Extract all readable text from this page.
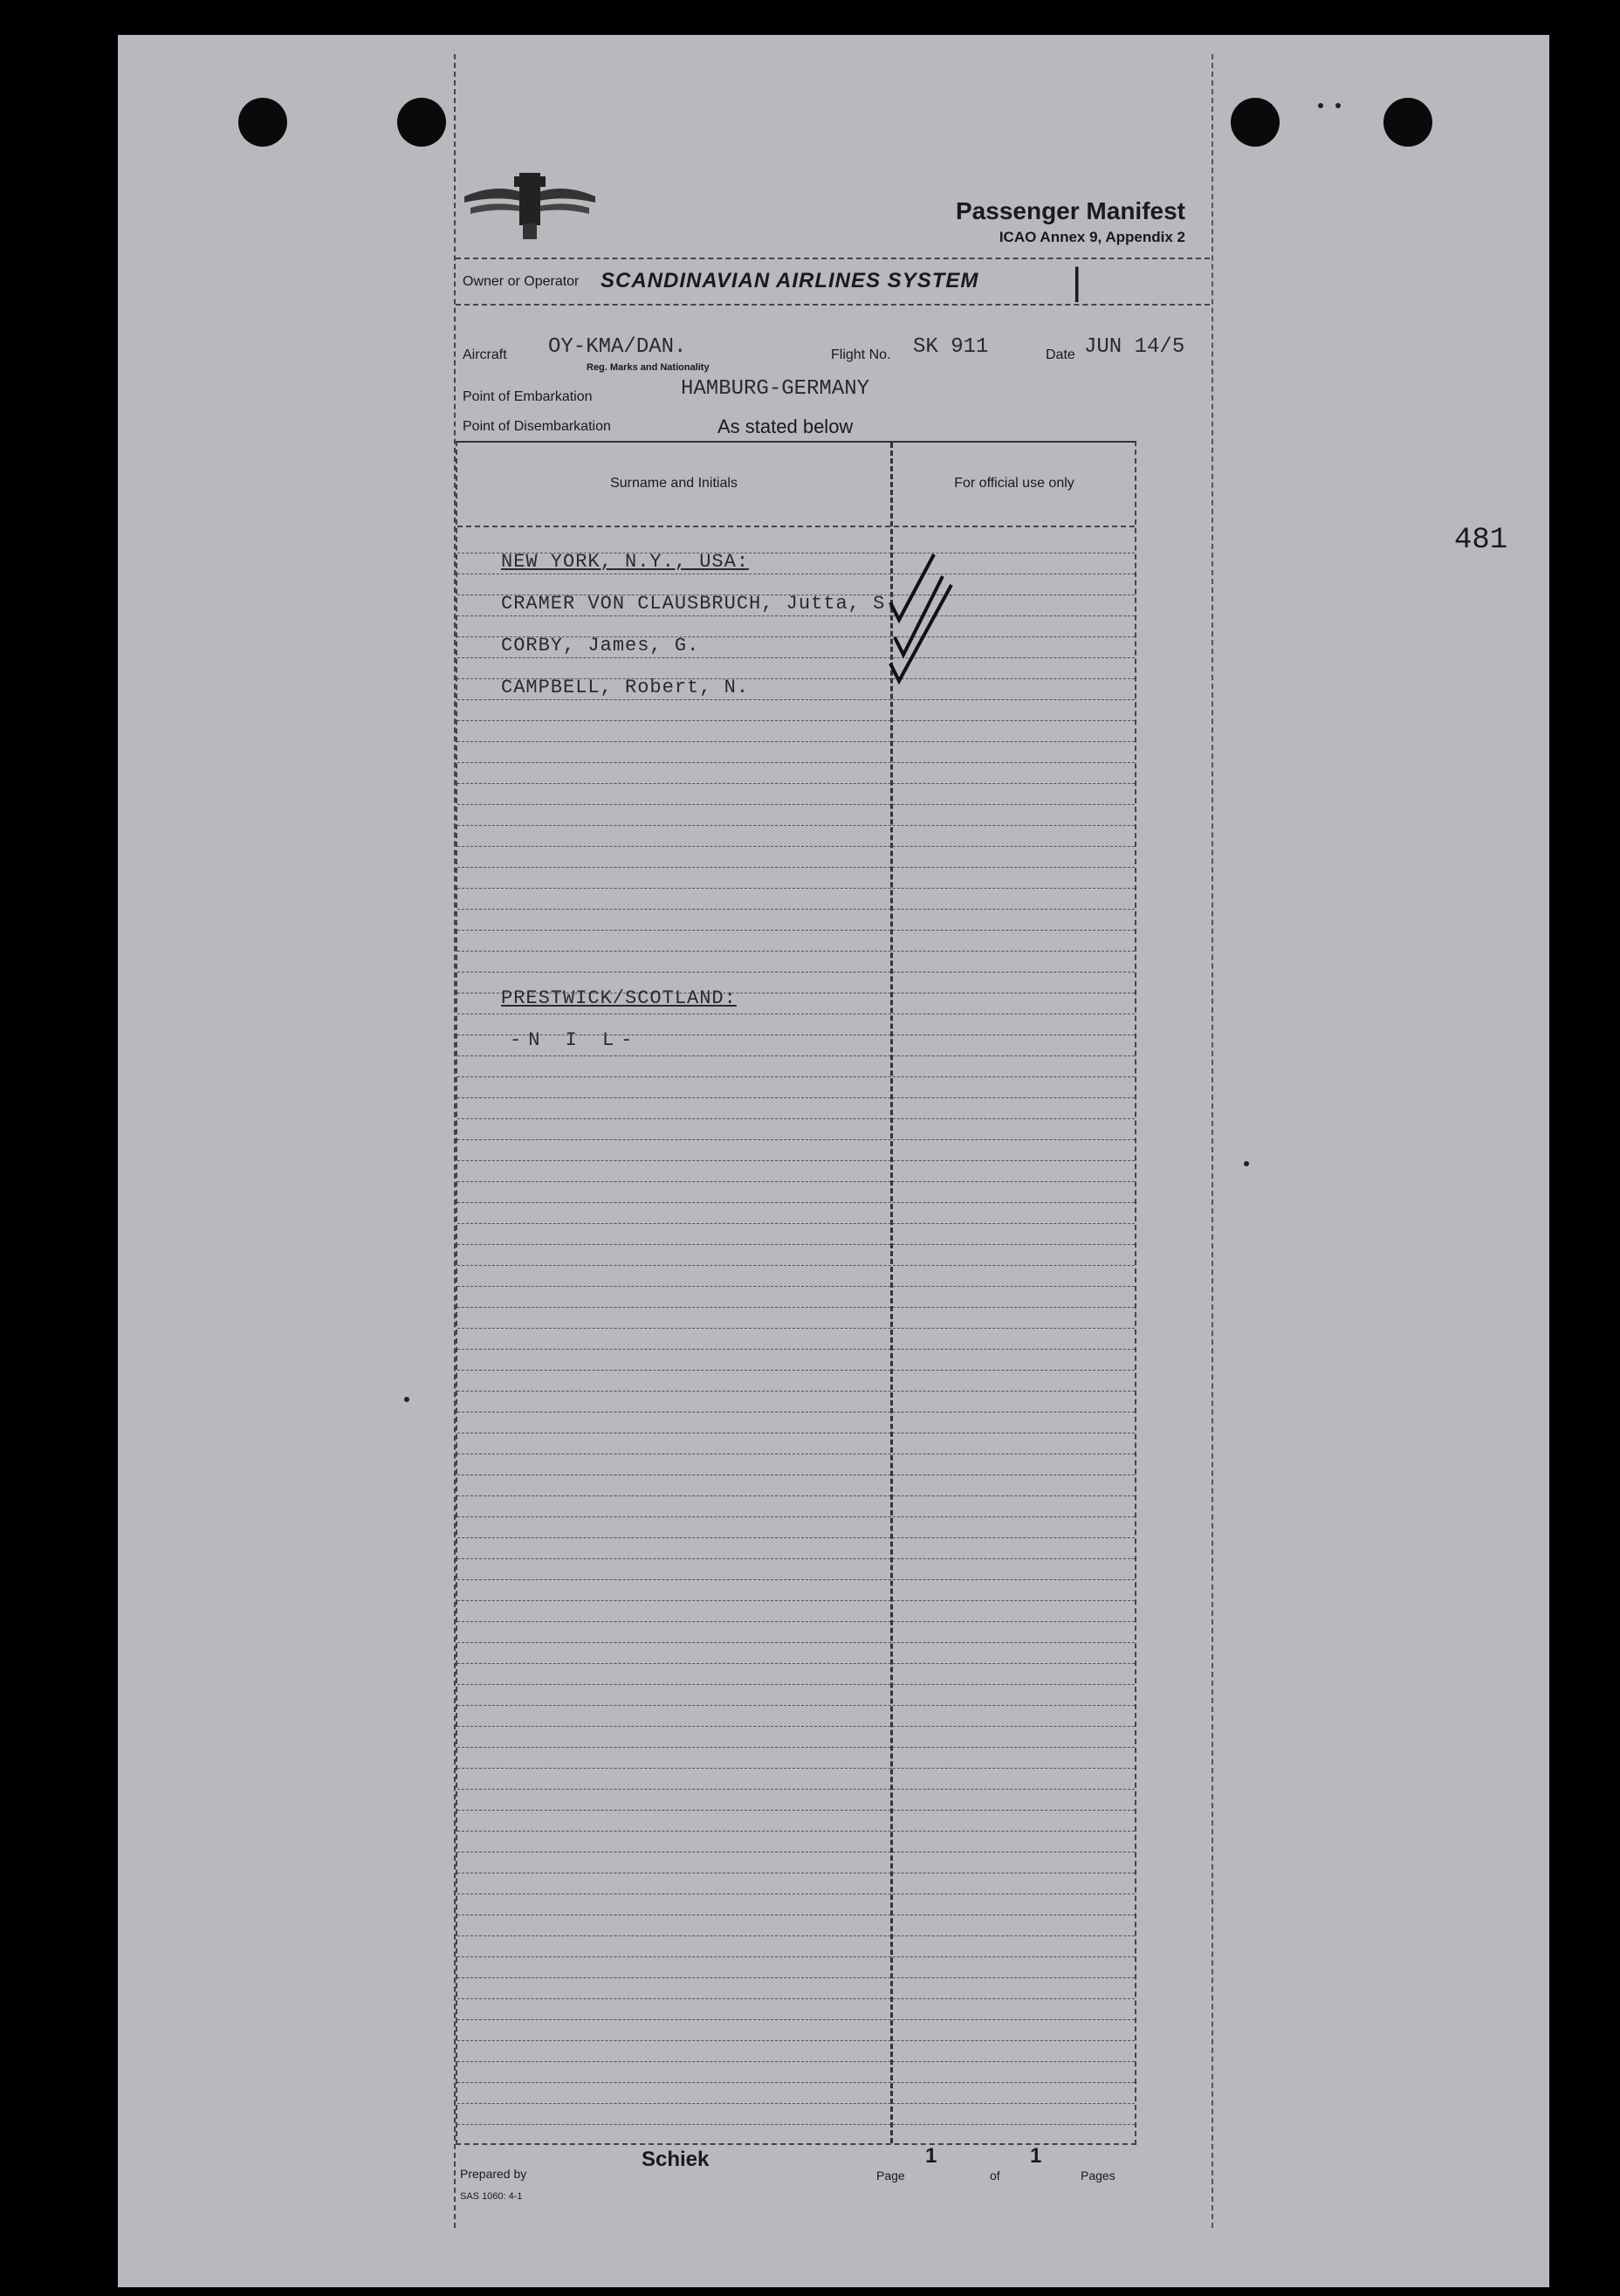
Passenger Manifest
ICAO Annex 9, Appendix 2
Owner or Operator SCANDINAVIAN AIRLINES SYSTEM |
Aircraft OY-KMA/DAN.
Reg. Marks and Nationality
Flight No. SK 911	Date JUN 14/5
Point of Embarkation	HAMBURG-GERMANY
Point of Disembarkation	As stated below
Surname and Initials	For official use only
NEW YORK, N.Y., USA:
CRAMER VON CLAUSBRUCH, Jutta, S.
CORBY, James, G.
CAMPBELL, Robert, N.
PRESTWICK/SCOTLAND:
-N I L-
Prepared by
Schiek
Page
1
of
1
Pages
SAS 1060: 4-1
481
